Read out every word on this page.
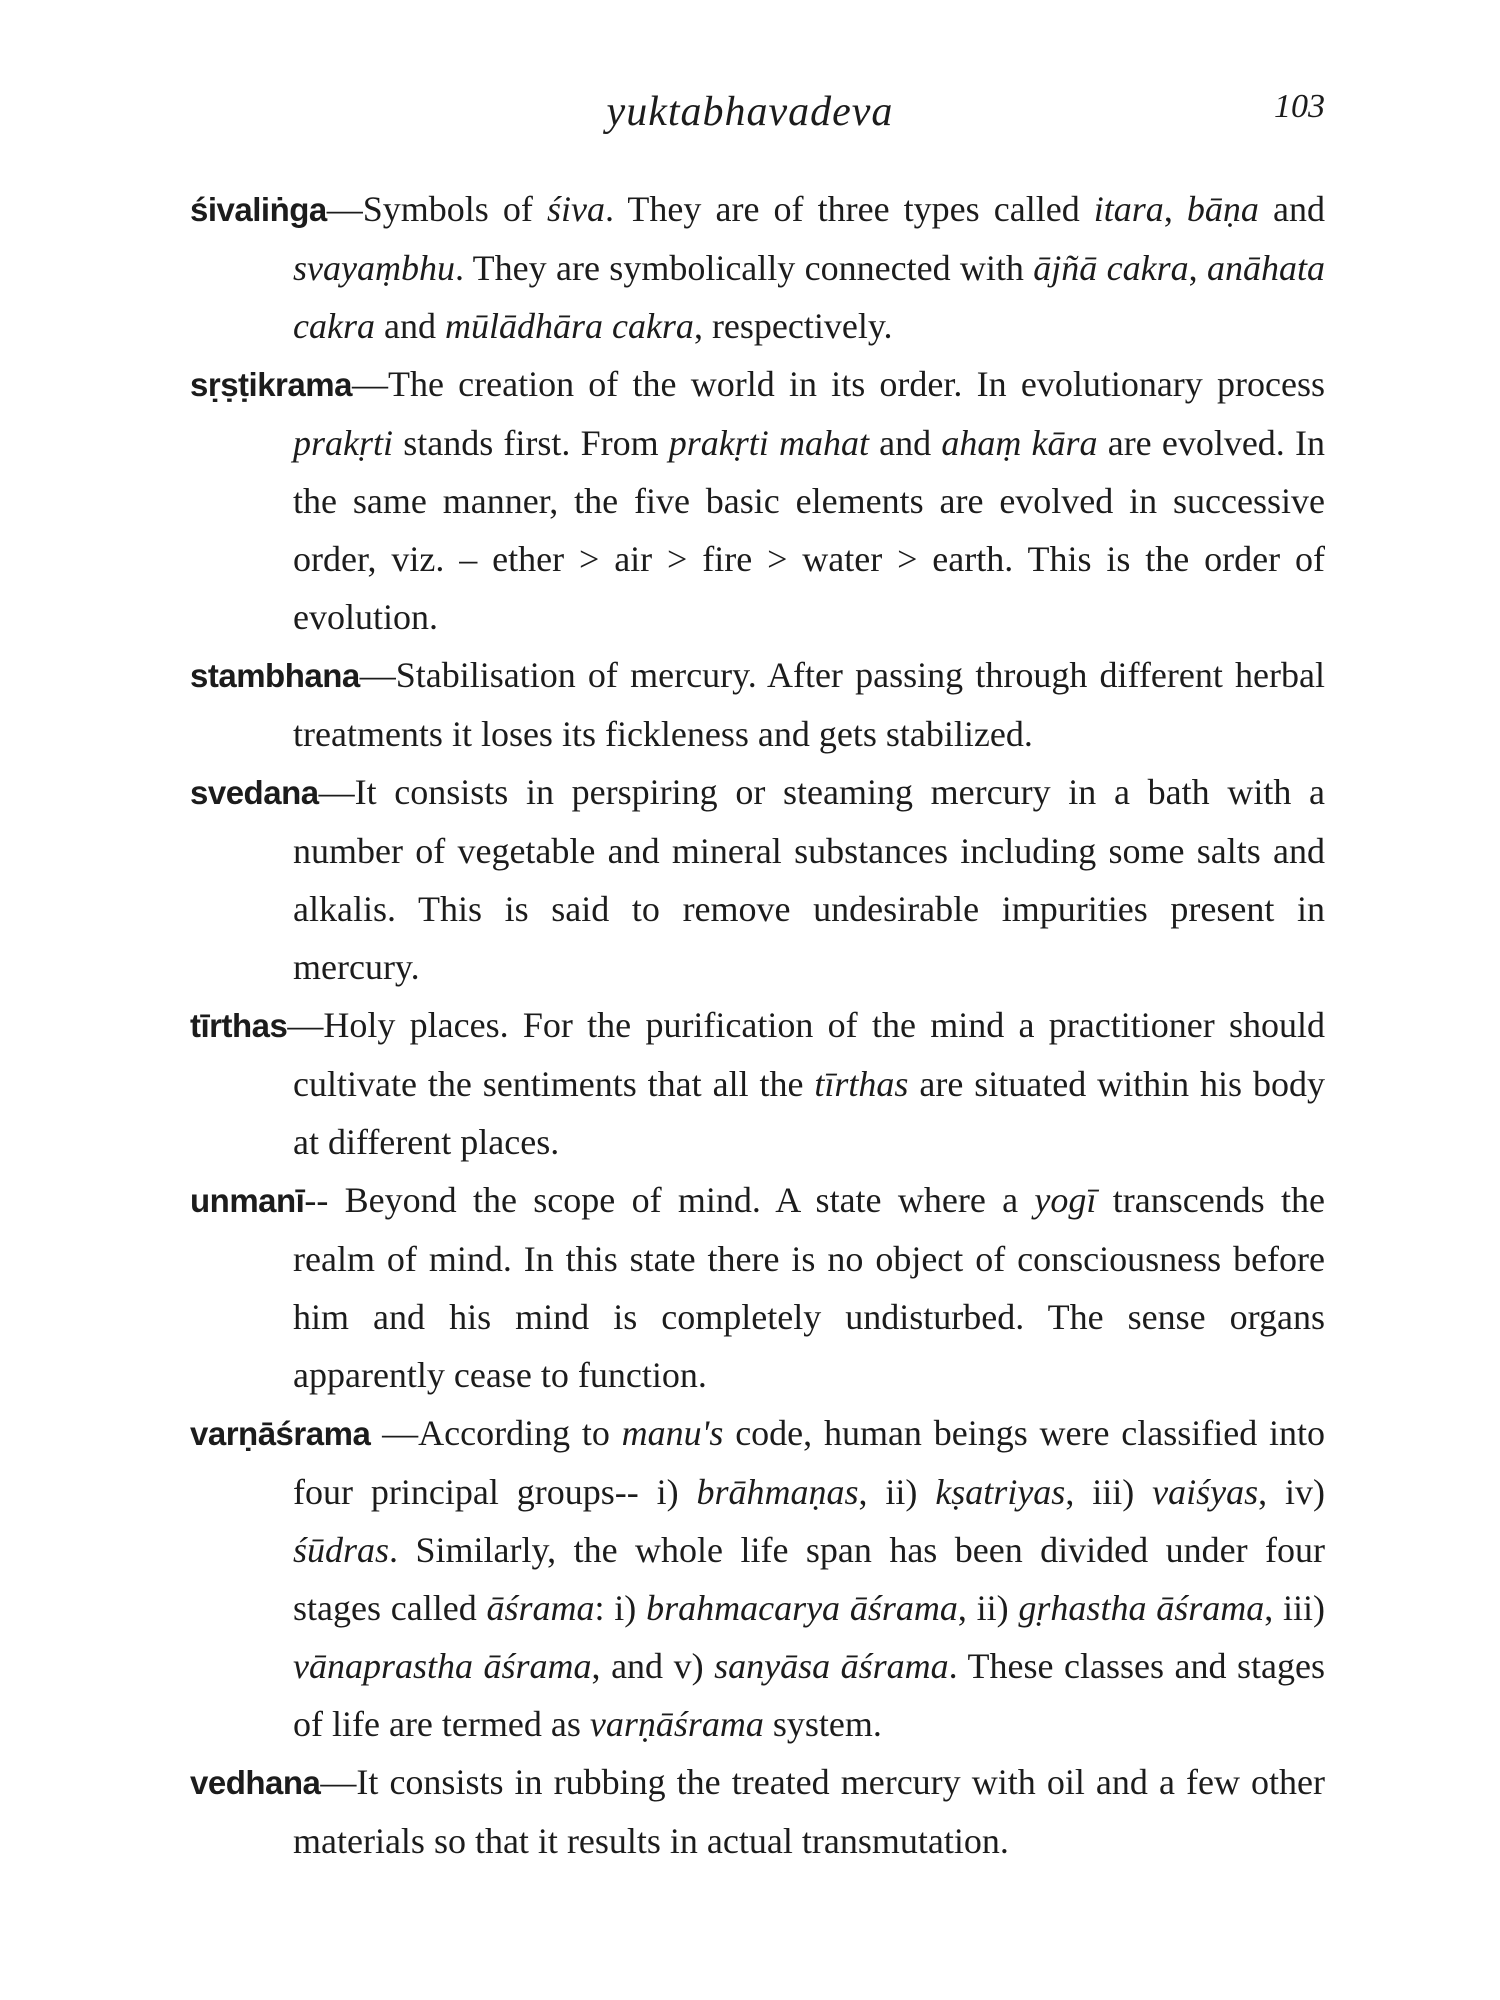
yuktabhavadeva	103

śivaliṅga—Symbols of śiva. They are of three types called itara, bāṇa and svayaṃbhu. They are symbolically connected with ājñā cakra, anāhata cakra and mūlādhāra cakra, respectively.

sṛṣṭikrama—The creation of the world in its order. In evolutionary process prakṛti stands first. From prakṛti mahat and ahaṃ kāra are evolved. In the same manner, the five basic elements are evolved in successive order, viz. – ether > air > fire > water > earth. This is the order of evolution.

stambhana—Stabilisation of mercury. After passing through different herbal treatments it loses its fickleness and gets stabilized.

svedana—It consists in perspiring or steaming mercury in a bath with a number of vegetable and mineral substances including some salts and alkalis. This is said to remove undesirable impurities present in mercury.

tīrthas—Holy places. For the purification of the mind a practitioner should cultivate the sentiments that all the tīrthas are situated within his body at different places.

unmanī-- Beyond the scope of mind. A state where a yogī transcends the realm of mind. In this state there is no object of consciousness before him and his mind is completely undisturbed. The sense organs apparently cease to function.

varṇāśrama —According to manu's code, human beings were classified into four principal groups-- i) brāhmaṇas, ii) kṣatriyas, iii) vaiśyas, iv) śūdras. Similarly, the whole life span has been divided under four stages called āśrama: i) brahmacarya āśrama, ii) gṛhastha āśrama, iii) vānaprastha āśrama, and v) sanyāsa āśrama. These classes and stages of life are termed as varṇāśrama system.

vedhana—It consists in rubbing the treated mercury with oil and a few other materials so that it results in actual transmutation.
